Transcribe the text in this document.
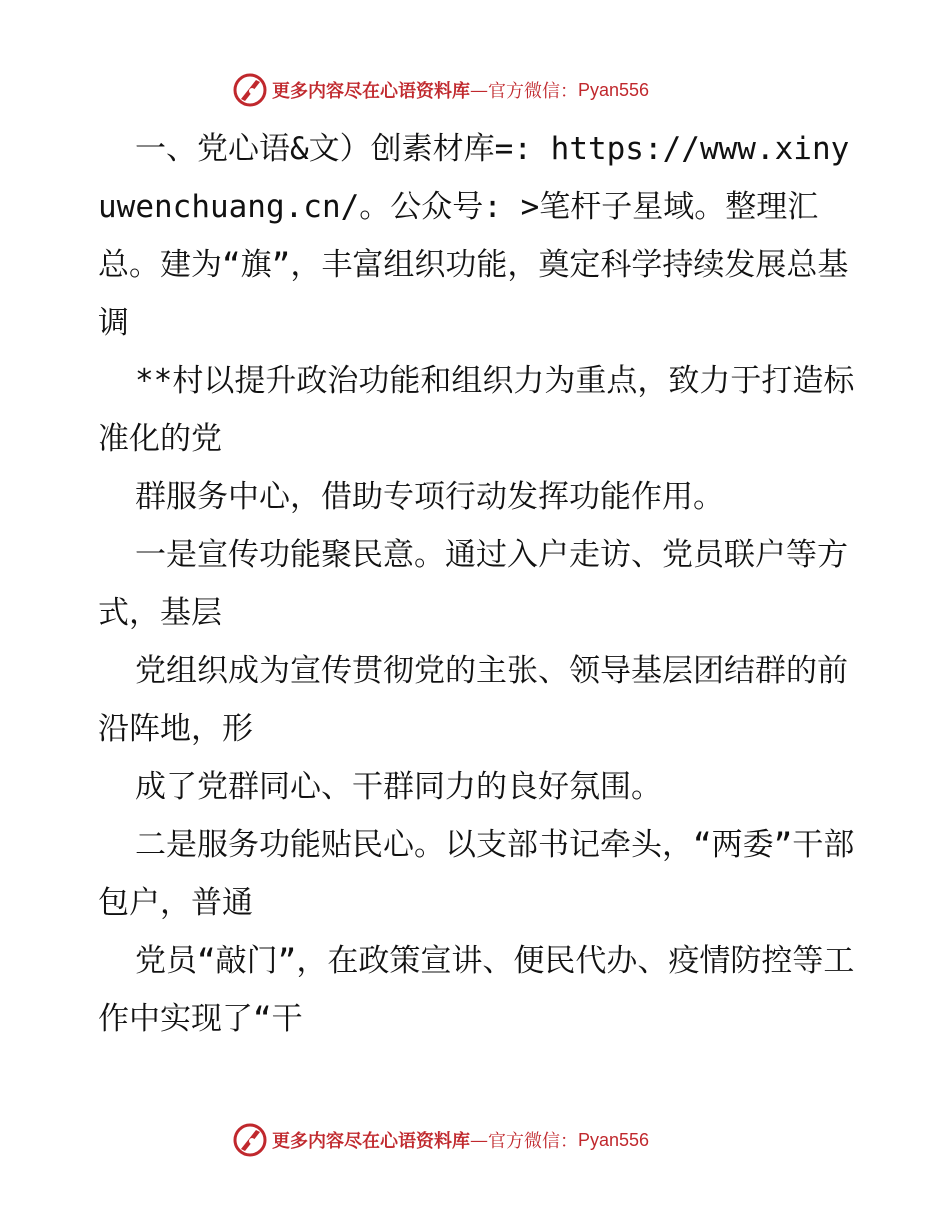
更多内容尽在心语资料库 — 官方微信： Pyan556

一、党心语&文）创素材库=: https://www.xinyuwenchuang.cn/。公众号: >笔杆子星域。整理汇总。建为“旗”，丰富组织功能，奠定科学持续发展总基调

**村以提升政治功能和组织力为重点，致力于打造标准化的党

群服务中心，借助专项行动发挥功能作用。

一是宣传功能聚民意。通过入户走访、党员联户等方式，基层

党组织成为宣传贯彻党的主张、领导基层团结群的前沿阵地，形

成了党群同心、干群同力的良好氛围。

二是服务功能贴民心。以支部书记牵头，“两委”干部包户，普通

党员“敲门”，在政策宣讲、便民代办、疫情防控等工作中实现了“干

更多内容尽在心语资料库 — 官方微信： Pyan556
